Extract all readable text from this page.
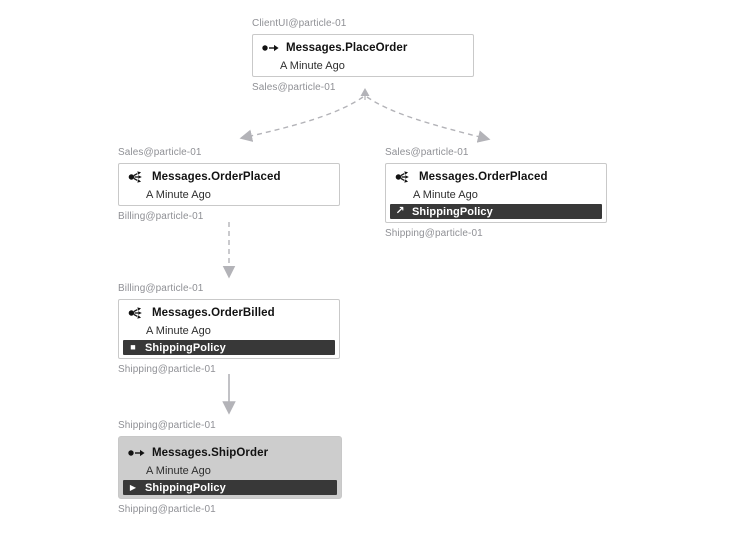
ClientUI@particle-01
Messages.PlaceOrder
A Minute Ago
Sales@particle-01
Sales@particle-01
Messages.OrderPlaced
A Minute Ago
Billing@particle-01
Sales@particle-01
Messages.OrderPlaced
A Minute Ago
↗ ShippingPolicy
Shipping@particle-01
Billing@particle-01
Messages.OrderBilled
A Minute Ago
■ ShippingPolicy
Shipping@particle-01
Shipping@particle-01
Messages.ShipOrder
A Minute Ago
▶ ShippingPolicy
Shipping@particle-01
